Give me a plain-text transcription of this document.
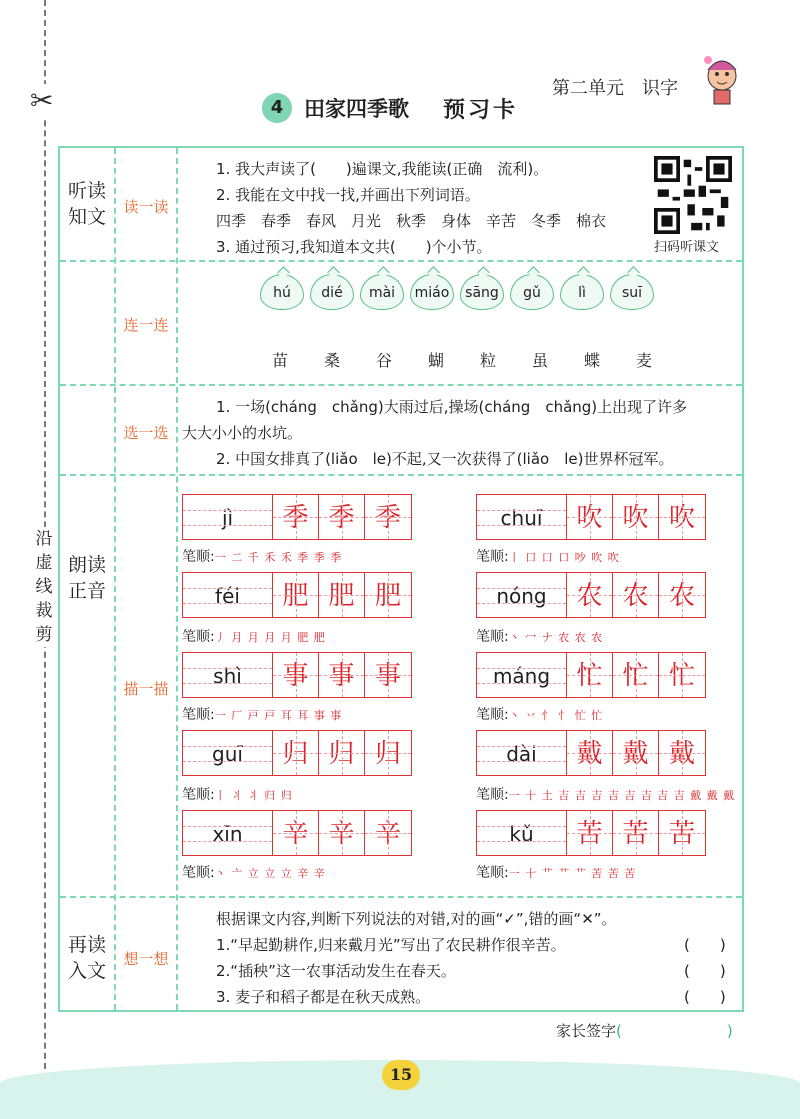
✂
沿虚线裁剪
第二单元　识字
4 田家四季歌 预习卡
听读
知文	读一读
1. 我大声读了(　　)遍课文,我能读(正确　流利)。
2. 我能在文中找一找,并画出下列词语。
四季　春季　春风　月光　秋季　身体　辛苦　冬季　棉衣
3. 通过预习,我知道本文共(　　)个小节。
连一连
hú	dié	mài	miáo	sāng	gǔ	lì	suī
苗	桑	谷	蝴	粒	虽	蝶	麦
选一选
1. 一场(cháng　chǎng)大雨过后,操场(cháng　chǎng)上出现了许多
大大小小的水坑。
2. 中国女排真了(liǎo　le)不起,又一次获得了(liǎo　le)世界杯冠军。
朗读
正音
描一描
jì	季 季 季
笔顺:一 二 千 禾 禾 季 季 季
chuī	吹 吹 吹
笔顺:丨 口 口 口 吵 吹 吹
féi	肥 肥 肥
笔顺:丿 月 月 月 月 肥 肥
nóng	农 农 农
笔顺:丶 冖 ナ 农 农 农
shì	事 事 事
笔顺:一 厂 戸 戸 耳 耳 事 事
máng	忙 忙 忙
笔顺:丶 丷 忄 忄 忙 忙
guī	归 归 归
笔顺:丨 丬 丬 归 归
dài	戴 戴 戴
笔顺:一 十 土 吉 吉 吉 吉 吉 吉 吉 吉 戴 戴 戴
xīn	辛 辛 辛
笔顺:丶 亠 立 立 立 辛 辛
kǔ	苦 苦 苦
笔顺:一 十 艹 艹 艹 苦 苦 苦
再读
入文
想一想
根据课文内容,判断下列说法的对错,对的画“✓”,错的画“✕”。
1.“早起勤耕作,归来戴月光”写出了农民耕作很辛苦。	(　　)
2.“插秧”这一农事活动发生在春天。	(　　)
3. 麦子和稻子都是在秋天成熟。	(　　)
扫码听课文
家长签字(　　　　　　　)
15
